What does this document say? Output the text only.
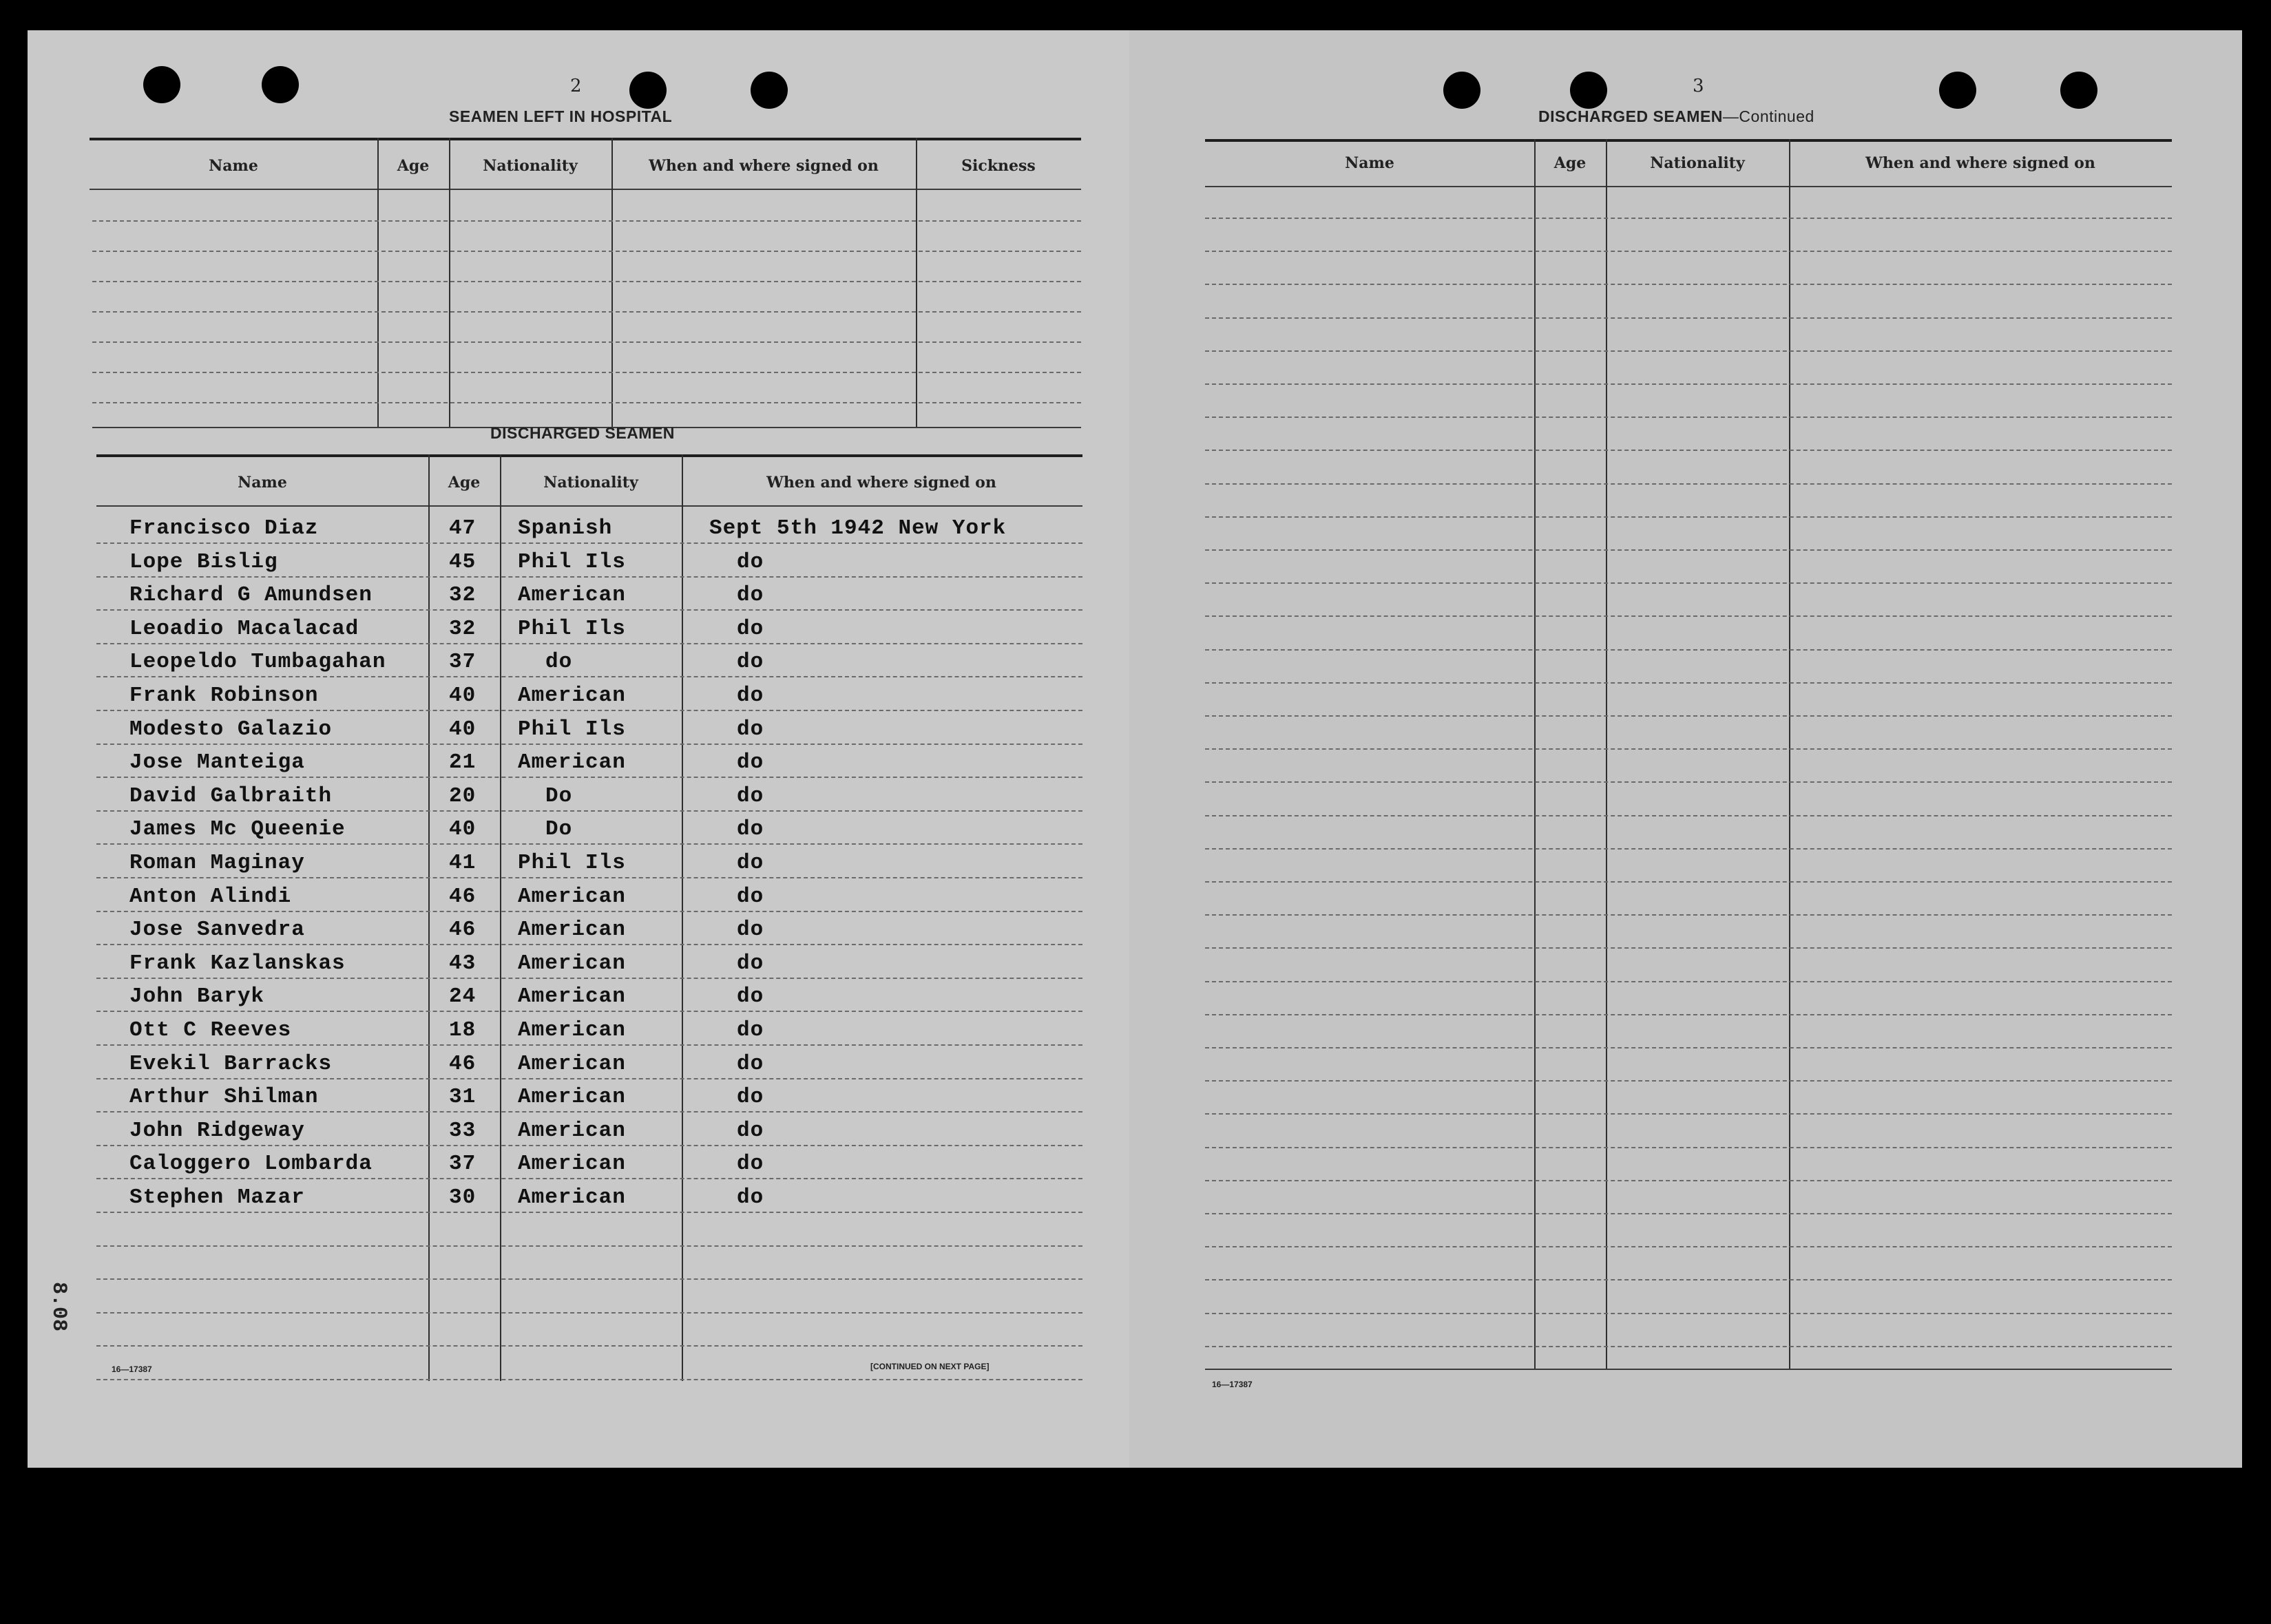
2
SEAMEN LEFT IN HOSPITAL
Name	Age	Nationality	When and where signed on	Sickness
DISCHARGED SEAMEN
Name	Age	Nationality	When and where signed on
Francisco Diaz	47 Spanish	Sept 5th 1942 New York
Lope Bislig	45 Phil Ils	do
Richard G Amundsen	32 American	do
Leoadio Macalacad	32 Phil Ils	do
Leopeldo Tumbagahan	37	do	do
Frank Robinson	40 American	do
Modesto Galazio	40 Phil Ils	do
Jose Manteiga	21 American	do
David Galbraith	20	Do	do
James Mc Queenie	40	Do	do
Roman Maginay	41 Phil Ils	do
Anton Alindi	46 American	do
Jose Sanvedra	46 American	do
Frank Kazlanskas	43 American	do
John Baryk	24 American	do
Ott C Reeves	18 American	do
Evekil Barracks	46 American	do
Arthur Shilman	31 American	do
John Ridgeway	33 American	do
Caloggero Lombarda	37 American	do
Stephen Mazar	30 American	do
8.08
16—17387	[CONTINUED ON NEXT PAGE]
3
DISCHARGED SEAMEN—Continued
Name	Age	Nationality	When and where signed on
16—17387
